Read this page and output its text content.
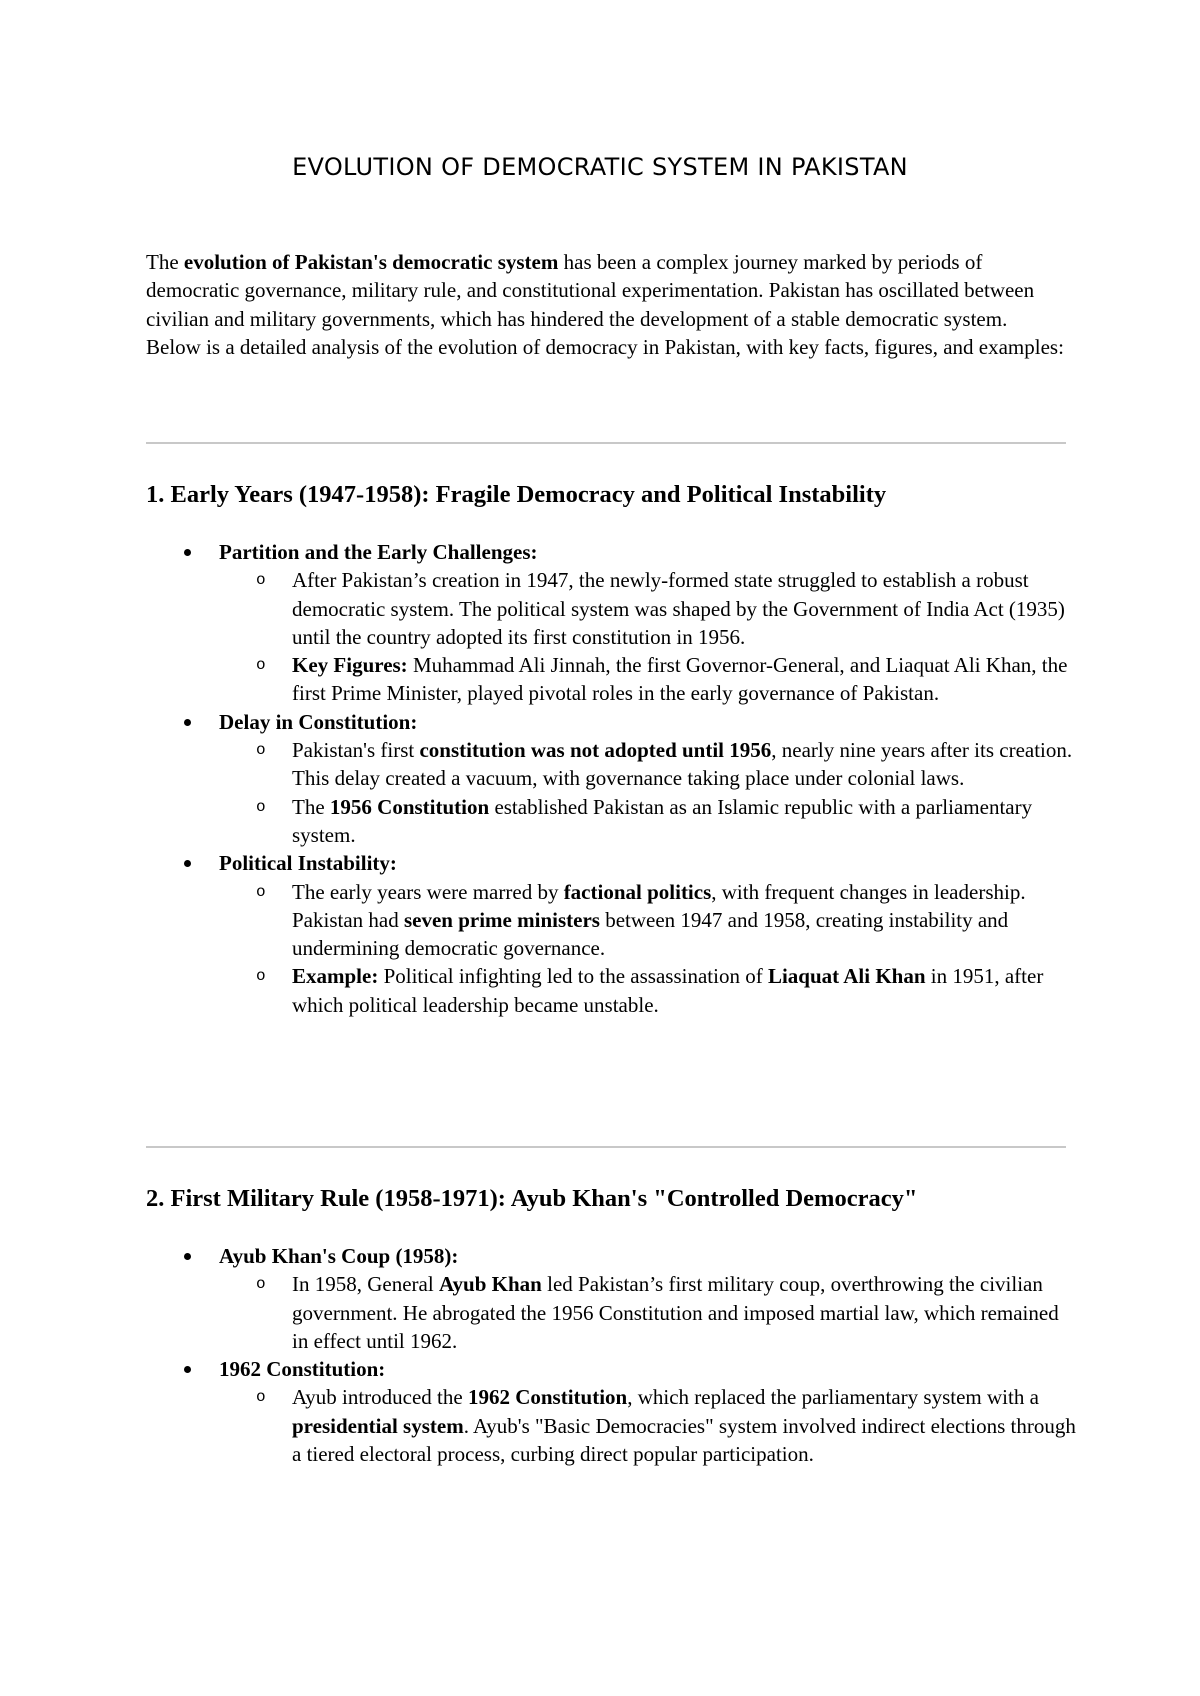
EVOLUTION OF DEMOCRATIC SYSTEM IN PAKISTAN

The evolution of Pakistan's democratic system has been a complex journey marked by periods of democratic governance, military rule, and constitutional experimentation. Pakistan has oscillated between civilian and military governments, which has hindered the development of a stable democratic system. Below is a detailed analysis of the evolution of democracy in Pakistan, with key facts, figures, and examples:

1. Early Years (1947-1958): Fragile Democracy and Political Instability
Partition and the Early Challenges:
o After Pakistan’s creation in 1947, the newly-formed state struggled to establish a robust democratic system. The political system was shaped by the Government of India Act (1935) until the country adopted its first constitution in 1956.
o Key Figures: Muhammad Ali Jinnah, the first Governor-General, and Liaquat Ali Khan, the first Prime Minister, played pivotal roles in the early governance of Pakistan.
Delay in Constitution:
o Pakistan's first constitution was not adopted until 1956, nearly nine years after its creation. This delay created a vacuum, with governance taking place under colonial laws.
o The 1956 Constitution established Pakistan as an Islamic republic with a parliamentary system.
Political Instability:
o The early years were marred by factional politics, with frequent changes in leadership. Pakistan had seven prime ministers between 1947 and 1958, creating instability and undermining democratic governance.
o Example: Political infighting led to the assassination of Liaquat Ali Khan in 1951, after which political leadership became unstable.
2. First Military Rule (1958-1971): Ayub Khan's "Controlled Democracy"
Ayub Khan's Coup (1958):
o In 1958, General Ayub Khan led Pakistan’s first military coup, overthrowing the civilian government. He abrogated the 1956 Constitution and imposed martial law, which remained in effect until 1962.
1962 Constitution:
o Ayub introduced the 1962 Constitution, which replaced the parliamentary system with a presidential system. Ayub's "Basic Democracies" system involved indirect elections through a tiered electoral process, curbing direct popular participation.
